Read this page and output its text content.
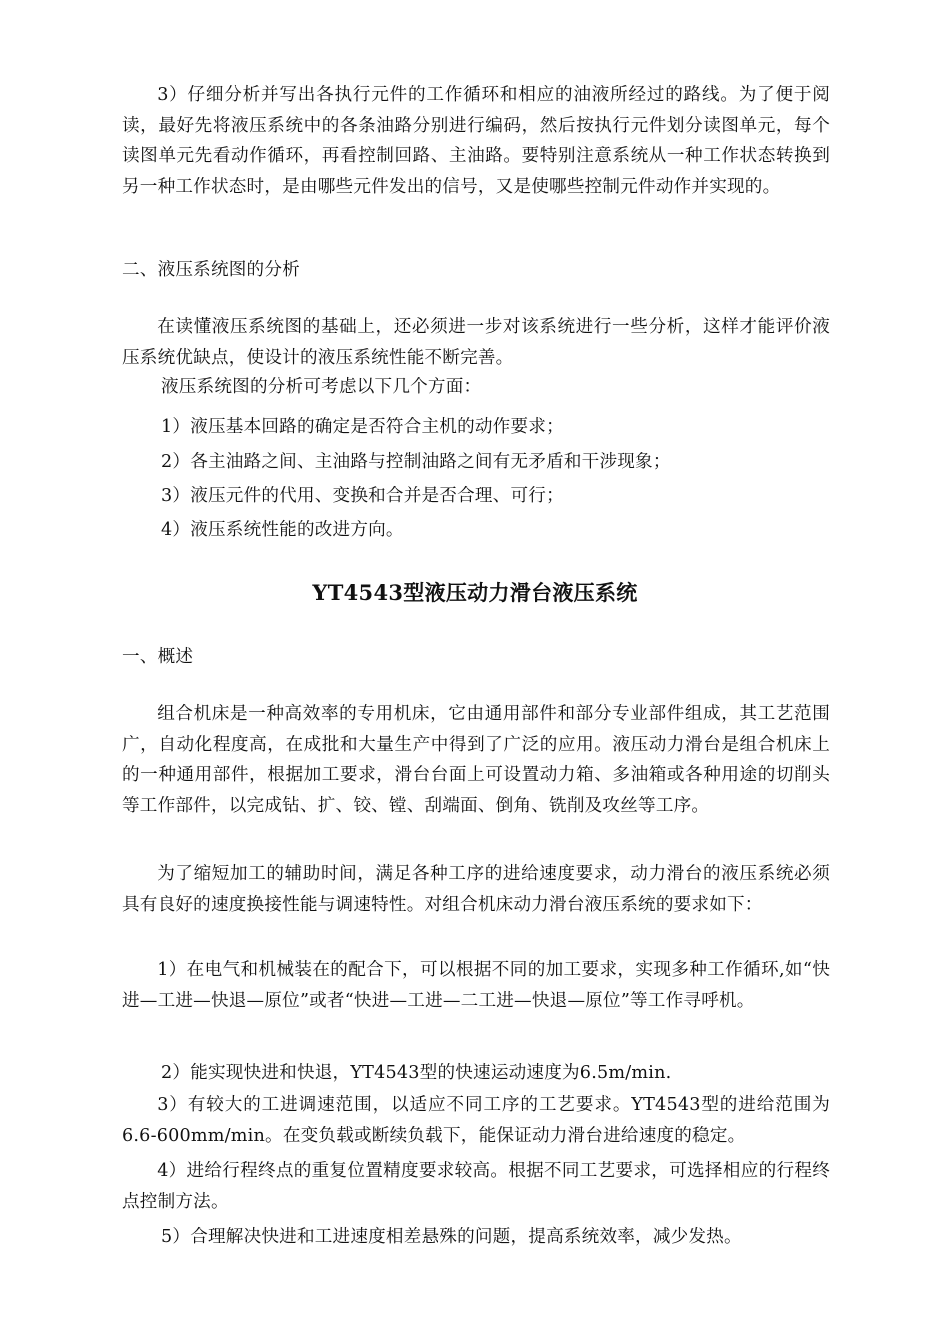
3）仔细分析并写出各执行元件的工作循环和相应的油液所经过的路线。为了便于阅读，最好先将液压系统中的各条油路分别进行编码，然后按执行元件划分读图单元，每个读图单元先看动作循环，再看控制回路、主油路。要特别注意系统从一种工作状态转换到另一种工作状态时，是由哪些元件发出的信号，又是使哪些控制元件动作并实现的。

二、液压系统图的分析

在读懂液压系统图的基础上，还必须进一步对该系统进行一些分析，这样才能评价液压系统优缺点，使设计的液压系统性能不断完善。

液压系统图的分析可考虑以下几个方面：

1）液压基本回路的确定是否符合主机的动作要求；

2）各主油路之间、主油路与控制油路之间有无矛盾和干涉现象；

3）液压元件的代用、变换和合并是否合理、可行；

4）液压系统性能的改进方向。

YT4543型液压动力滑台液压系统

一、概述

组合机床是一种高效率的专用机床，它由通用部件和部分专业部件组成，其工艺范围广，自动化程度高，在成批和大量生产中得到了广泛的应用。液压动力滑台是组合机床上的一种通用部件，根据加工要求，滑台台面上可设置动力箱、多油箱或各种用途的切削头等工作部件，以完成钻、扩、铰、镗、刮端面、倒角、铣削及攻丝等工序。

为了缩短加工的辅助时间，满足各种工序的进给速度要求，动力滑台的液压系统必须具有良好的速度换接性能与调速特性。对组合机床动力滑台液压系统的要求如下：

1）在电气和机械装在的配合下，可以根据不同的加工要求，实现多种工作循环,如“快进—工进—快退—原位”或者“快进—工进—二工进—快退—原位”等工作寻呼机。

2）能实现快进和快退，YT4543型的快速运动速度为6.5m/min.

3）有较大的工进调速范围，以适应不同工序的工艺要求。YT4543型的进给范围为6.6-600mm/min。在变负载或断续负载下，能保证动力滑台进给速度的稳定。

4）进给行程终点的重复位置精度要求较高。根据不同工艺要求，可选择相应的行程终点控制方法。

5）合理解决快进和工进速度相差悬殊的问题，提高系统效率，减少发热。
